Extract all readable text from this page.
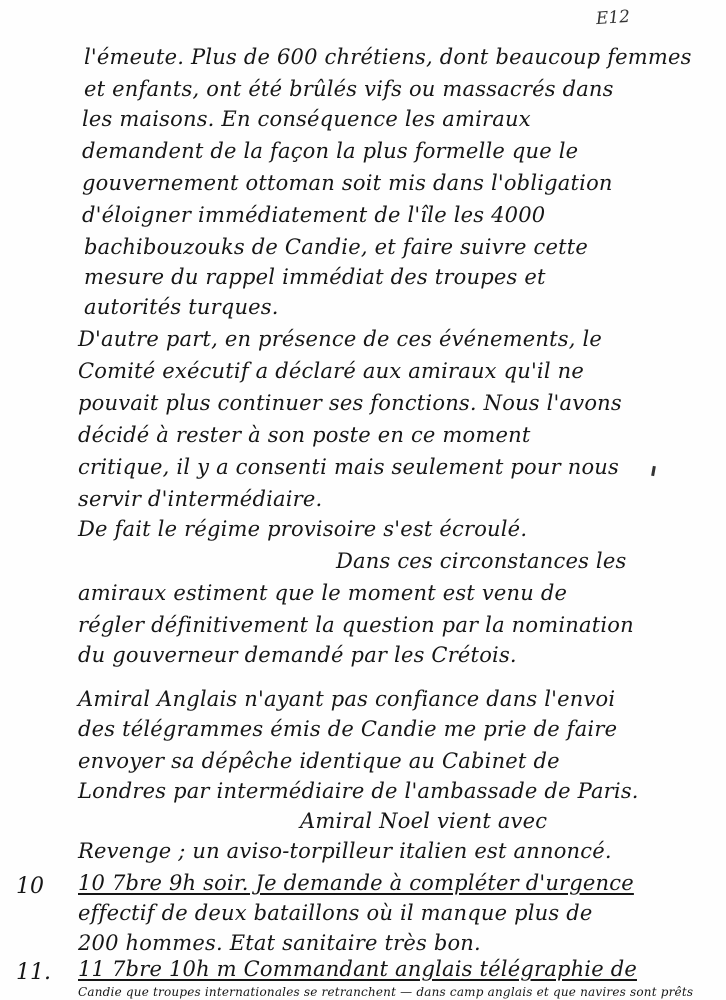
E12
l'émeute. Plus de 600 chrétiens, dont beaucoup femmes
et enfants, ont été brûlés vifs ou massacrés dans
les maisons. En conséquence les amiraux
demandent de la façon la plus formelle que le
gouvernement ottoman soit mis dans l'obligation
d'éloigner immédiatement de l'île les 4000
bachibouzouks de Candie, et faire suivre cette
mesure du rappel immédiat des troupes et
autorités turques.
D'autre part, en présence de ces événements, le
Comité exécutif a déclaré aux amiraux qu'il ne
pouvait plus continuer ses fonctions. Nous l'avons
décidé à rester à son poste en ce moment
critique, il y a consenti mais seulement pour nous
servir d'intermédiaire.
De fait le régime provisoire s'est écroulé.
Dans ces circonstances les
amiraux estiment que le moment est venu de
régler définitivement la question par la nomination
du gouverneur demandé par les Crétois.
Amiral Anglais n'ayant pas confiance dans l'envoi
des télégrammes émis de Candie me prie de faire
envoyer sa dépêche identique au Cabinet de
Londres par intermédiaire de l'ambassade de Paris.
Amiral Noel vient avec
Revenge ; un aviso-torpilleur italien est annoncé.
10 10 7bre 9h soir. Je demande à compléter d'urgence
effectif de deux bataillons où il manque plus de
200 hommes. Etat sanitaire très bon.
11. 11 7bre 10h m Commandant anglais télégraphie de
Candie que troupes internationales se retranchent — dans camp anglais et que navires sont prêts
